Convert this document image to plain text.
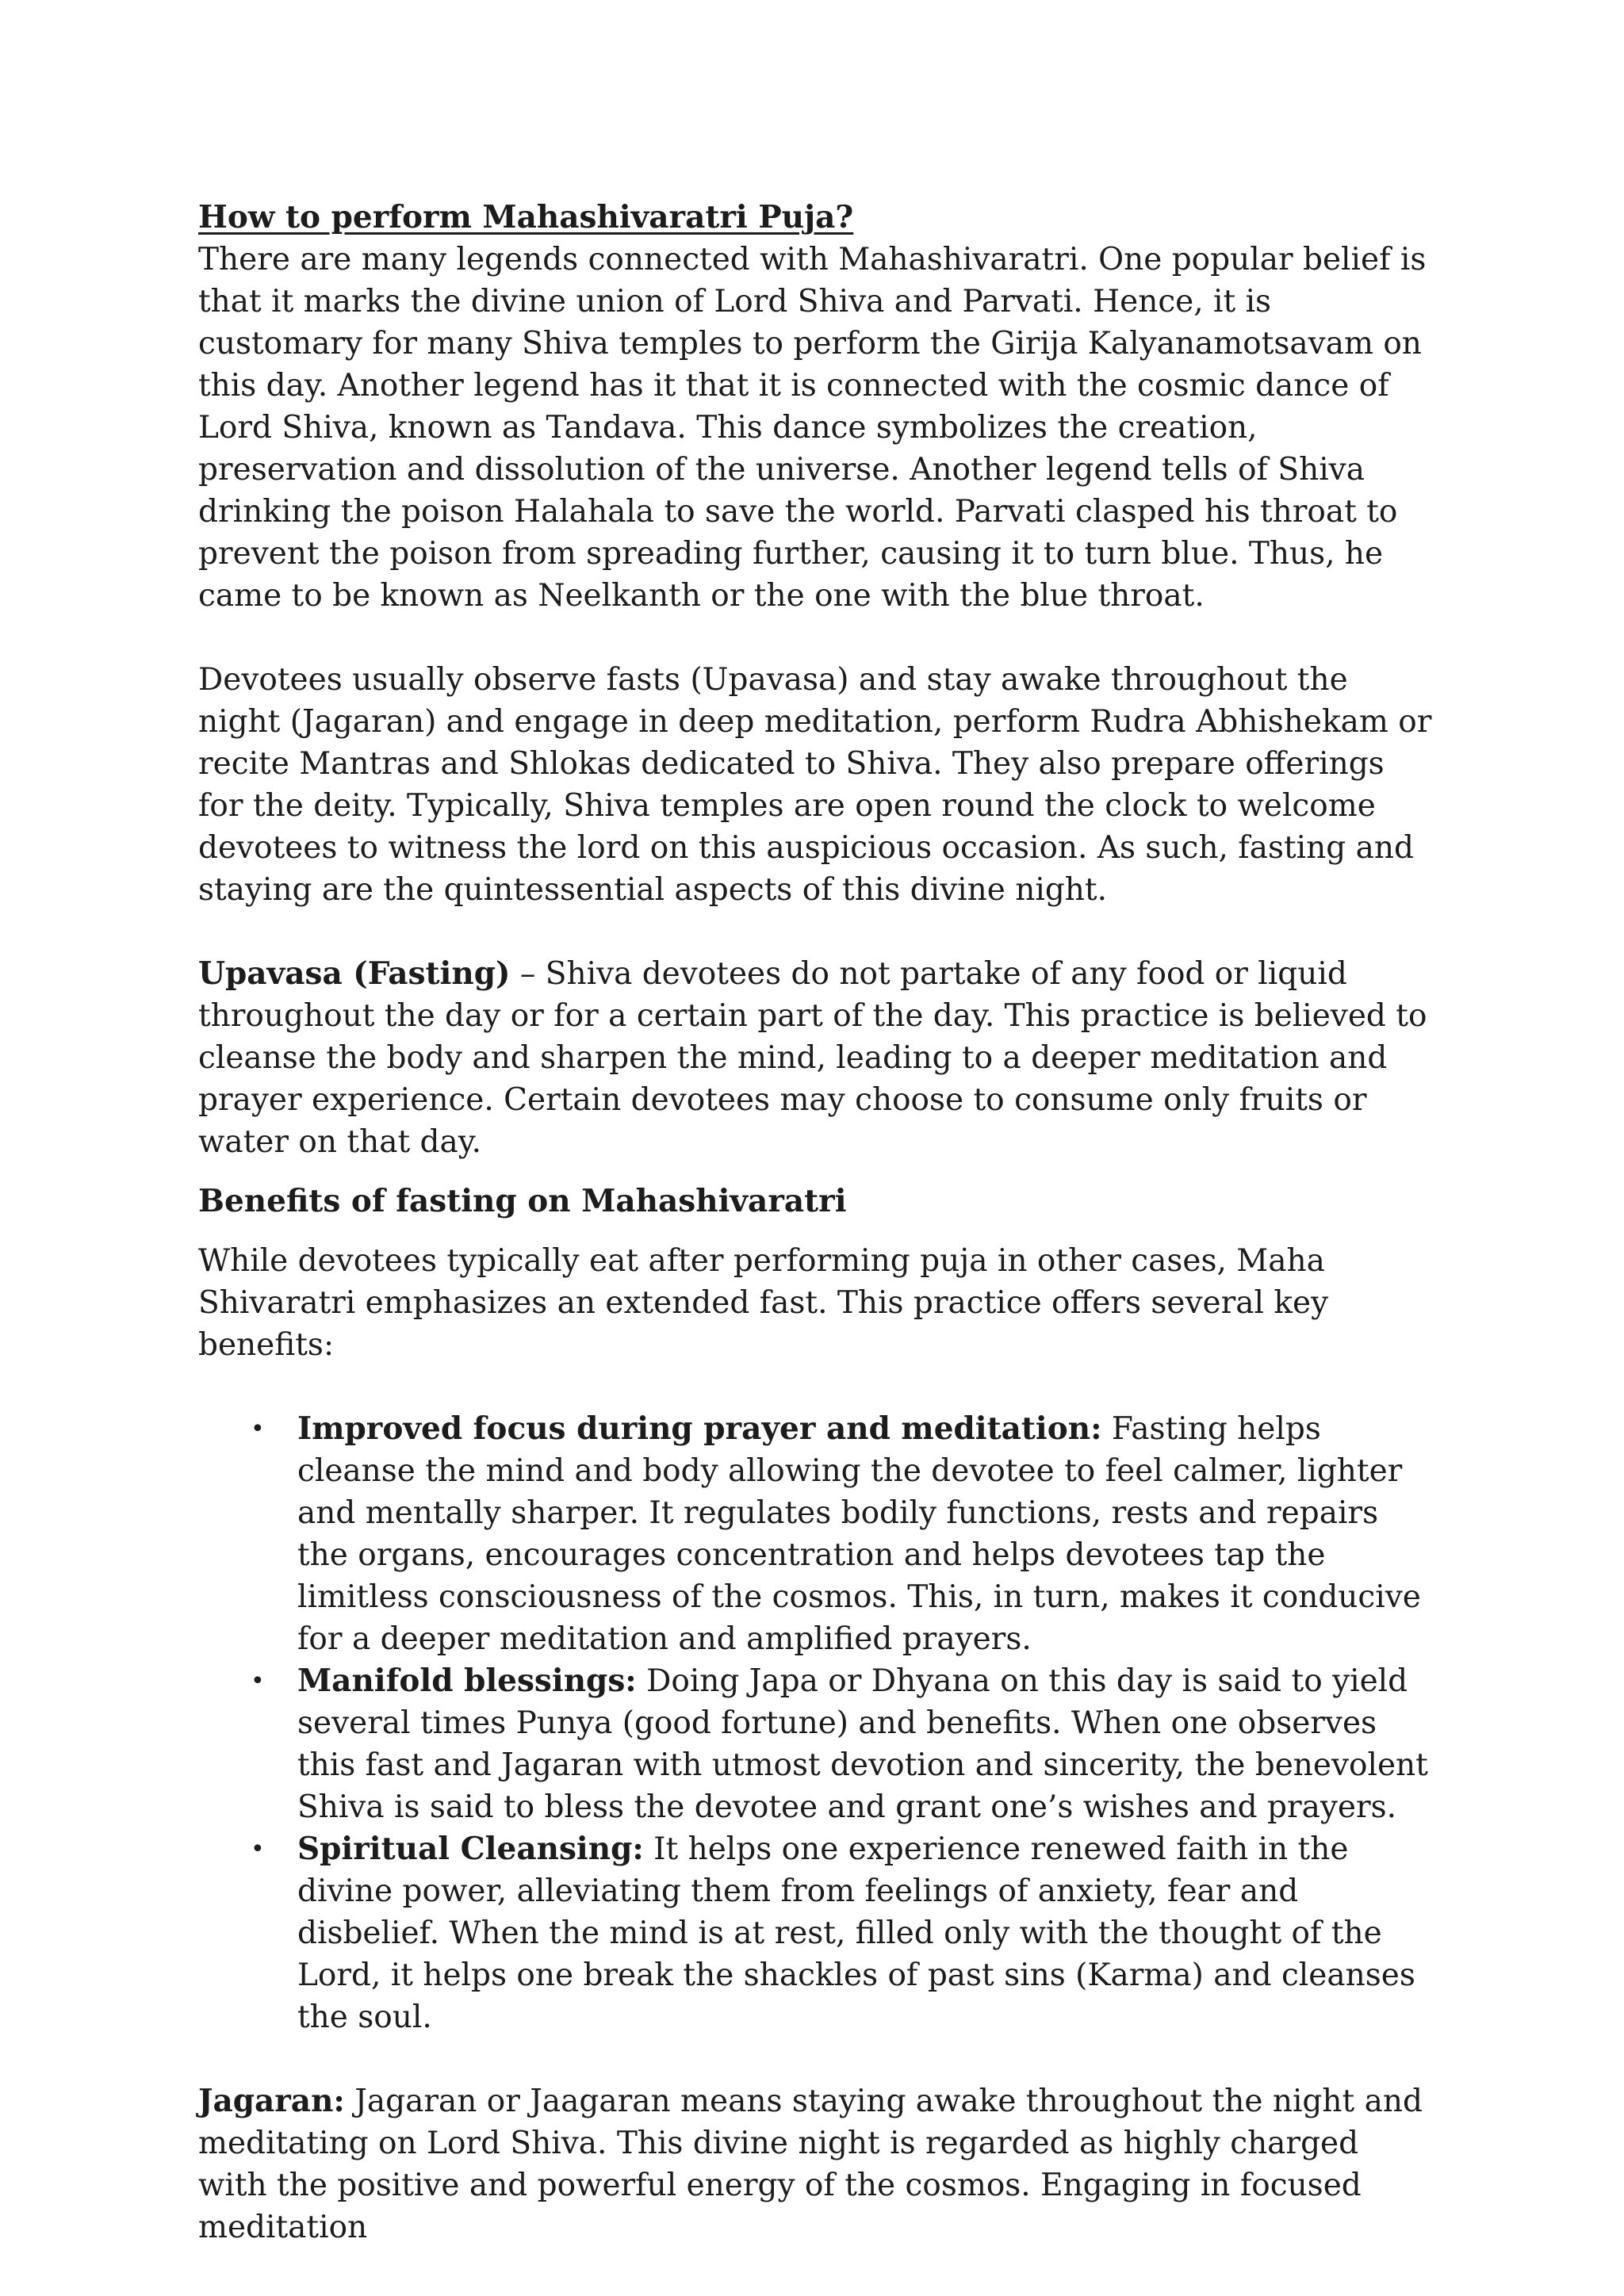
How to perform Mahashivaratri Puja?

There are many legends connected with Mahashivaratri. One popular belief is that it marks the divine union of Lord Shiva and Parvati. Hence, it is customary for many Shiva temples to perform the Girija Kalyanamotsavam on this day. Another legend has it that it is connected with the cosmic dance of Lord Shiva, known as Tandava. This dance symbolizes the creation, preservation and dissolution of the universe. Another legend tells of Shiva drinking the poison Halahala to save the world. Parvati clasped his throat to prevent the poison from spreading further, causing it to turn blue. Thus, he came to be known as Neelkanth or the one with the blue throat.

Devotees usually observe fasts (Upavasa) and stay awake throughout the night (Jagaran) and engage in deep meditation, perform Rudra Abhishekam or recite Mantras and Shlokas dedicated to Shiva. They also prepare offerings for the deity. Typically, Shiva temples are open round the clock to welcome devotees to witness the lord on this auspicious occasion. As such, fasting and staying are the quintessential aspects of this divine night.

Upavasa (Fasting) – Shiva devotees do not partake of any food or liquid throughout the day or for a certain part of the day. This practice is believed to cleanse the body and sharpen the mind, leading to a deeper meditation and prayer experience. Certain devotees may choose to consume only fruits or water on that day.

Benefits of fasting on Mahashivaratri

While devotees typically eat after performing puja in other cases, Maha Shivaratri emphasizes an extended fast. This practice offers several key benefits:

• Improved focus during prayer and meditation: Fasting helps cleanse the mind and body allowing the devotee to feel calmer, lighter and mentally sharper. It regulates bodily functions, rests and repairs the organs, encourages concentration and helps devotees tap the limitless consciousness of the cosmos. This, in turn, makes it conducive for a deeper meditation and amplified prayers.
• Manifold blessings: Doing Japa or Dhyana on this day is said to yield several times Punya (good fortune) and benefits. When one observes this fast and Jagaran with utmost devotion and sincerity, the benevolent Shiva is said to bless the devotee and grant one’s wishes and prayers.
• Spiritual Cleansing: It helps one experience renewed faith in the divine power, alleviating them from feelings of anxiety, fear and disbelief. When the mind is at rest, filled only with the thought of the Lord, it helps one break the shackles of past sins (Karma) and cleanses the soul.

Jagaran: Jagaran or Jaagaran means staying awake throughout the night and meditating on Lord Shiva. This divine night is regarded as highly charged with the positive and powerful energy of the cosmos. Engaging in focused meditation
